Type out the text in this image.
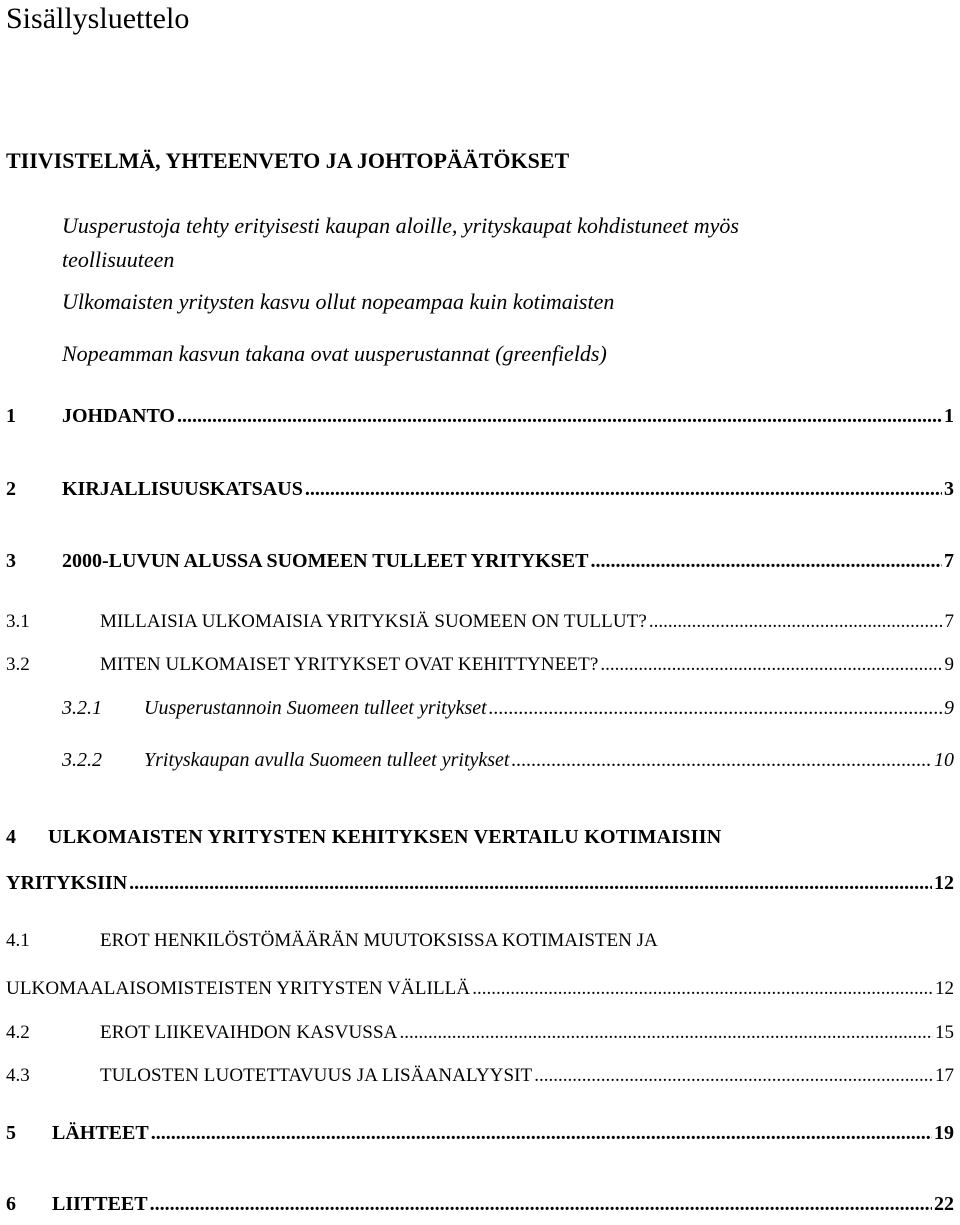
Sisällysluettelo
TIIVISTELMÄ, YHTEENVETO JA JOHTOPÄÄTÖKSET
Uusperustoja tehty erityisesti kaupan aloille, yrityskaupat kohdistuneet myös
teollisuuteen
Ulkomaisten yritysten kasvu ollut nopeampaa kuin kotimaisten
Nopeamman kasvun takana ovat uusperustannat (greenfields)
1	JOHDANTO .....	1
2	KIRJALLISUUSKATSAUS .....	3
3	2000-LUVUN ALUSSA SUOMEEN TULLEET YRITYKSET .....	7
3.1	MILLAISIA ULKOMAISIA YRITYKSIÄ SUOMEEN ON TULLUT? .....	7
3.2	MITEN ULKOMAISET YRITYKSET OVAT KEHITTYNEET? .....	9
3.2.1	Uusperustannoin Suomeen tulleet yritykset .....	9
3.2.2	Yrityskaupan avulla Suomeen tulleet yritykset .....	10
4 ULKOMAISTEN YRITYSTEN KEHITYKSEN VERTAILU KOTIMAISIIN
YRITYKSIIN .....	12
4.1	EROT HENKILÖSTÖMÄÄRÄN MUUTOKSISSA KOTIMAISTEN JA
ULKOMAALAISOMISTEISTEN YRITYSTEN VÄLILLÄ .....	12
4.2	EROT LIIKEVAIHDON KASVUSSA .....	15
4.3	TULOSTEN LUOTETTAVUUS JA LISÄANALYYSIT .....	17
5	LÄHTEET .....	19
6	LIITTEET .....	22
